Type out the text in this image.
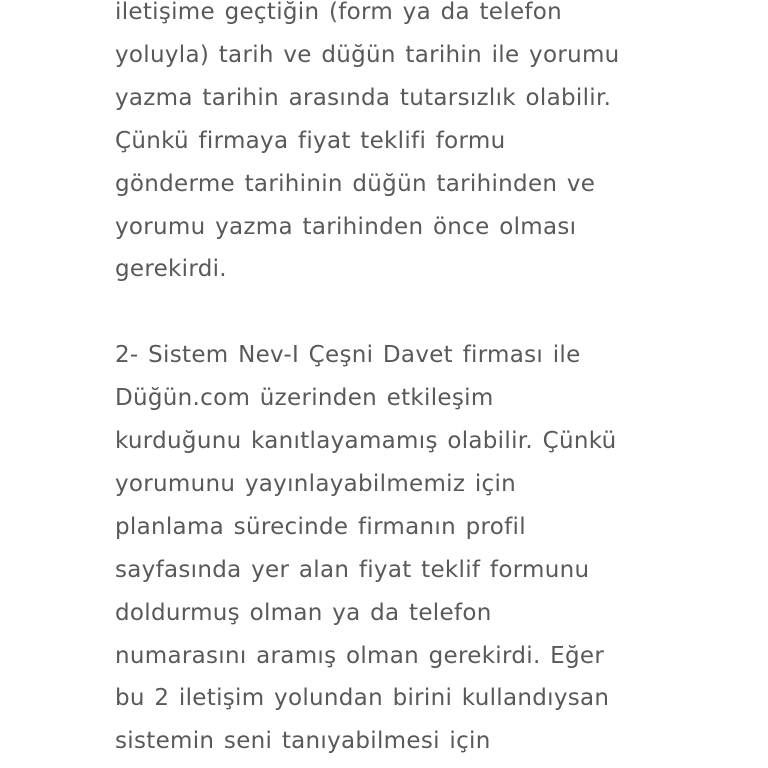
iletişime geçtiğin (form ya da telefon
yoluyla) tarih ve düğün tarihin ile yorumu
yazma tarihin arasında tutarsızlık olabilir.
Çünkü firmaya fiyat teklifi formu
gönderme tarihinin düğün tarihinden ve
yorumu yazma tarihinden önce olması
gerekirdi.

2- Sistem Nev-I Çeşni Davet firması ile
Düğün.com üzerinden etkileşim
kurduğunu kanıtlayamamış olabilir. Çünkü
yorumunu yayınlayabilmemiz için
planlama sürecinde firmanın profil
sayfasında yer alan fiyat teklif formunu
doldurmuş olman ya da telefon
numarasını aramış olman gerekirdi. Eğer
bu 2 iletişim yolundan birini kullandıysan
sistemin seni tanıyabilmesi için
